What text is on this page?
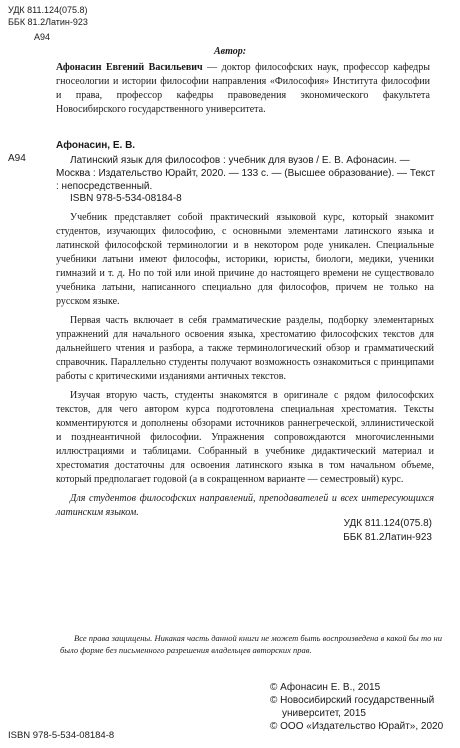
УДК 811.124(075.8)
ББК 81.2Латин-923
А94
Автор:
Афонасин Евгений Васильевич — доктор философских наук, профессор кафедры гносеологии и истории философии направления «Философия» Института философии и права, профессор кафедры правоведения экономического факультета Новосибирского государственного университета.
А94
Афонасин, Е. В.
Латинский язык для философов : учебник для вузов / Е. В. Афонасин. — Москва : Издательство Юрайт, 2020. — 133 с. — (Высшее образование). — Текст : непосредственный.
ISBN 978-5-534-08184-8

Учебник представляет собой практический языковой курс, который знакомит студентов, изучающих философию, с основными элементами латинского языка и латинской философской терминологии и в некотором роде уникален. Специальные учебники латыни имеют философы, историки, юристы, биологи, медики, ученики гимназий и т. д. Но по той или иной причине до настоящего времени не существовало учебника латыни, написанного специально для философов, причем не только на русском языке.

Первая часть включает в себя грамматические разделы, подборку элементарных упражнений для начального освоения языка, хрестоматию философских текстов для дальнейшего чтения и разбора, а также терминологический обзор и грамматический справочник. Параллельно студенты получают возможность ознакомиться с принципами работы с критическими изданиями античных текстов.

Изучая вторую часть, студенты знакомятся в оригинале с рядом философских текстов, для чего автором курса подготовлена специальная хрестоматия. Тексты комментируются и дополнены обзорами источников раннегреческой, эллинистической и позднеантичной философии. Упражнения сопровождаются многочисленными иллюстрациями и таблицами. Собранный в учебнике дидактический материал и хрестоматия достаточны для освоения латинского языка в том начальном объеме, который предполагает годовой (а в сокращенном варианте — семестровый) курс.

Для студентов философских направлений, преподавателей и всех интересующихся латинским языком.

УДК 811.124(075.8)
ББК 81.2Латин-923
Все права защищены. Никакая часть данной книги не может быть воспроизведена в какой бы то ни было форме без письменного разрешения владельцев авторских прав.
© Афонасин Е. В., 2015
© Новосибирский государственный университет, 2015
© ООО «Издательство Юрайт», 2020
ISBN 978-5-534-08184-8
